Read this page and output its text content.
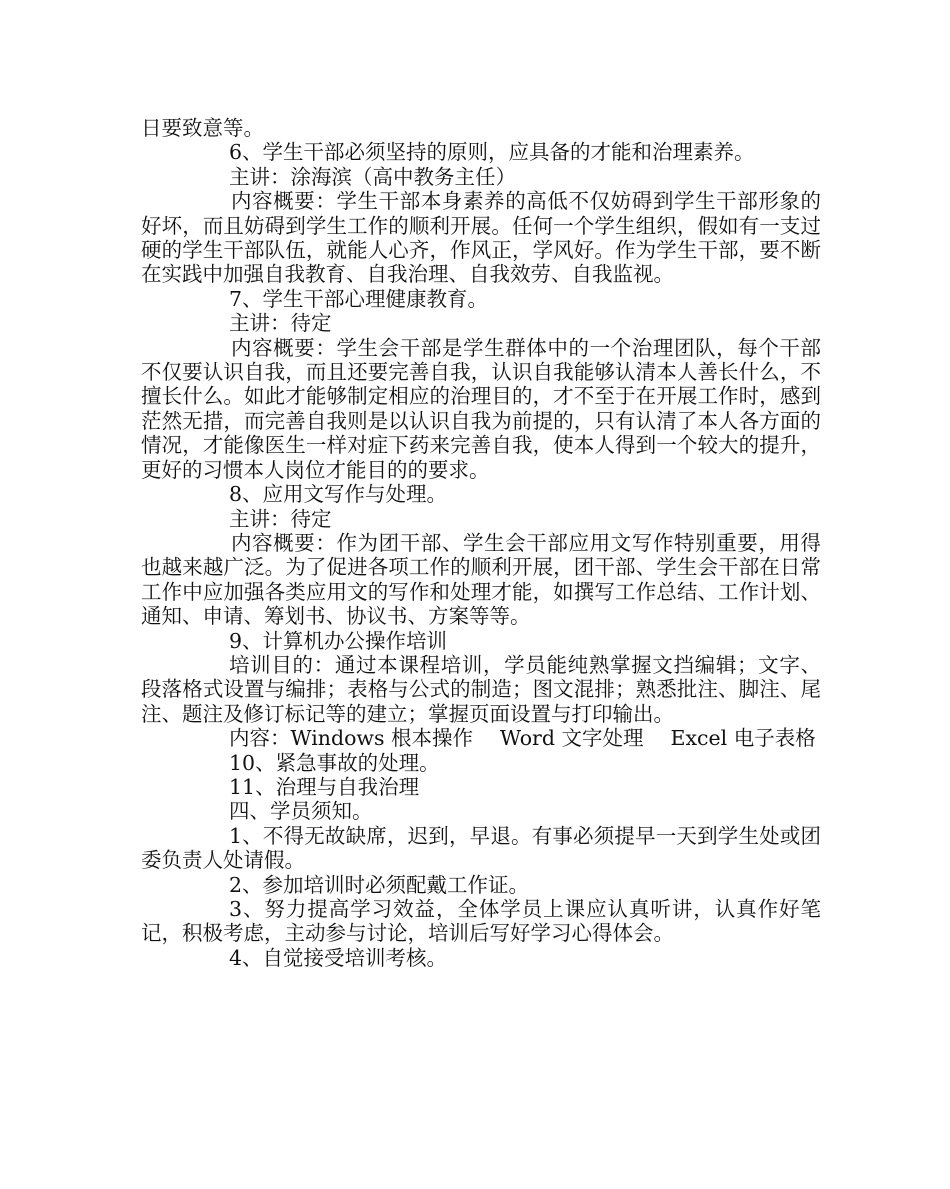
日要致意等。

6、学生干部必须坚持的原则，应具备的才能和治理素养。

主讲：涂海滨（高中教务主任）

内容概要：学生干部本身素养的高低不仅妨碍到学生干部形象的好坏，而且妨碍到学生工作的顺利开展。任何一个学生组织，假如有一支过硬的学生干部队伍，就能人心齐，作风正，学风好。作为学生干部，要不断在实践中加强自我教育、自我治理、自我效劳、自我监视。

7、学生干部心理健康教育。

主讲：待定

内容概要：学生会干部是学生群体中的一个治理团队，每个干部不仅要认识自我，而且还要完善自我，认识自我能够认清本人善长什么，不擅长什么。如此才能够制定相应的治理目的，才不至于在开展工作时，感到茫然无措，而完善自我则是以认识自我为前提的，只有认清了本人各方面的情况，才能像医生一样对症下药来完善自我，使本人得到一个较大的提升，更好的习惯本人岗位才能目的的要求。

8、应用文写作与处理。

主讲：待定

内容概要：作为团干部、学生会干部应用文写作特别重要，用得也越来越广泛。为了促进各项工作的顺利开展，团干部、学生会干部在日常工作中应加强各类应用文的写作和处理才能，如撰写工作总结、工作计划、通知、申请、筹划书、协议书、方案等等。

9、计算机办公操作培训

培训目的：通过本课程培训，学员能纯熟掌握文挡编辑；文字、段落格式设置与编排；表格与公式的制造；图文混排；熟悉批注、脚注、尾注、题注及修订标记等的建立；掌握页面设置与打印输出。

内容：Windows 根本操作　 Word 文字处理　 Excel 电子表格

10、紧急事故的处理。

11、治理与自我治理

四、学员须知。

1、不得无故缺席，迟到，早退。有事必须提早一天到学生处或团委负责人处请假。

2、参加培训时必须配戴工作证。

3、努力提高学习效益，全体学员上课应认真听讲，认真作好笔记，积极考虑，主动参与讨论，培训后写好学习心得体会。

4、自觉接受培训考核。
